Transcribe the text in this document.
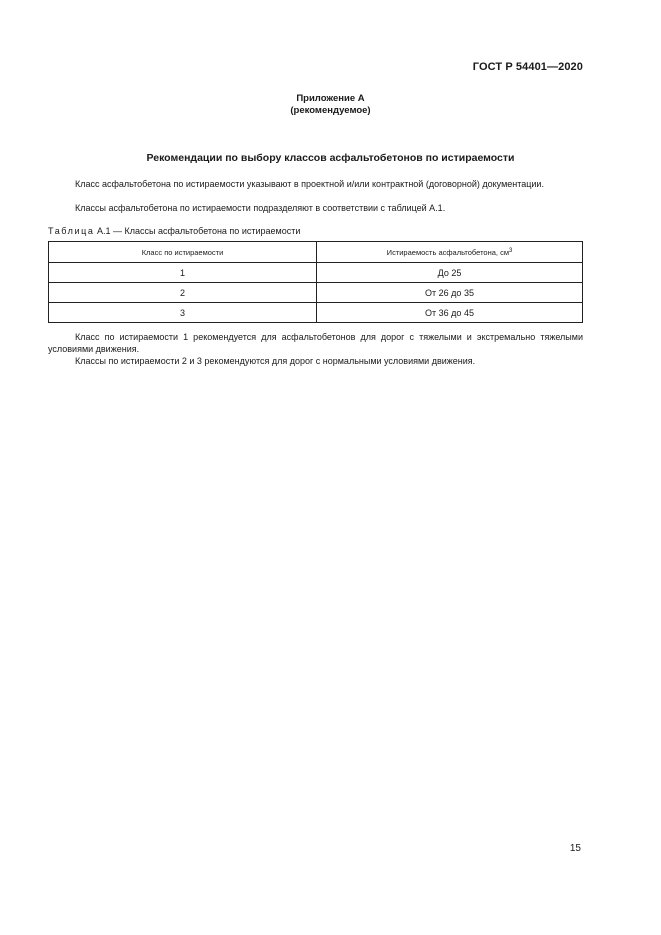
ГОСТ Р 54401—2020
Приложение А
(рекомендуемое)
Рекомендации по выбору классов асфальтобетонов по истираемости
Класс асфальтобетона по истираемости указывают в проектной и/или контрактной (договорной) документации.
Классы асфальтобетона по истираемости подразделяют в соответствии с таблицей А.1.
Таблица А.1 — Классы асфальтобетона по истираемости
Класс по истираемости	Истираемость асфальтобетона, $см^3$
1	До 25
2	От 26 до 35
3	От 36 до 45
Класс по истираемости 1 рекомендуется для асфальтобетонов для дорог с тяжелыми и экстремально тяжелыми условиями движения.
Классы по истираемости 2 и 3 рекомендуются для дорог с нормальными условиями движения.
15
